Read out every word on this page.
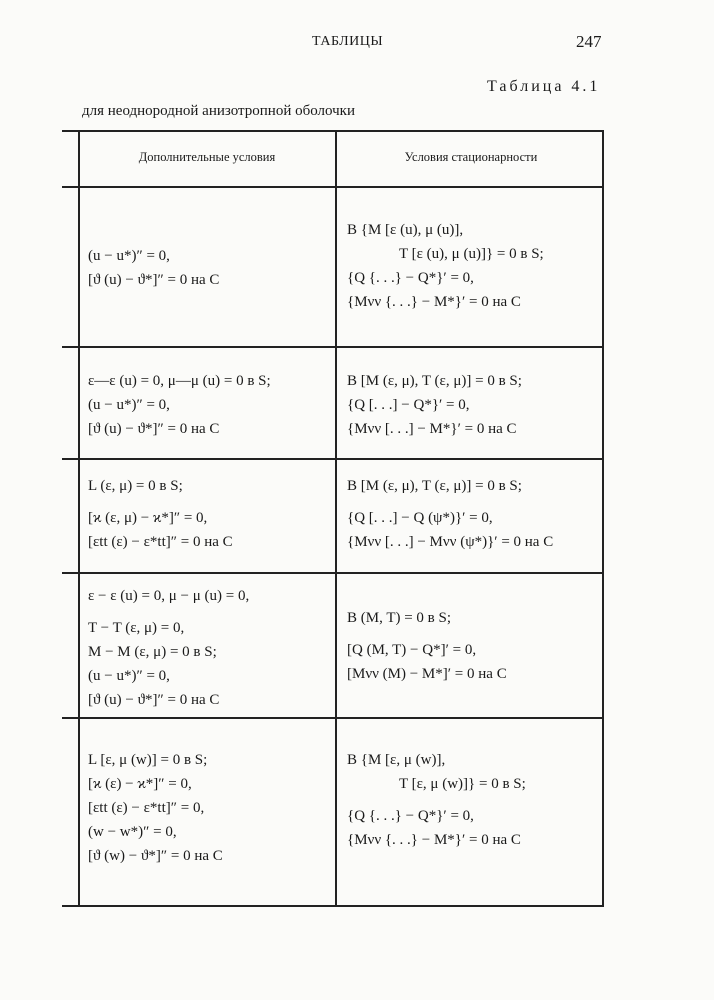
ТАБЛИЦЫ	247
Таблица 4.1
для неоднородной анизотропной оболочки
Дополнительные условия	Условия стационарности
(u − u*)″ = 0,
[ϑ (u) − ϑ*]″ = 0 на C
B {M [ε (u), μ (u)],
T [ε (u), μ (u)]} = 0 в S;
{Q {. . .} − Q*}′ = 0,
{Mνν {. . .} − M*}′ = 0 на C
ε—ε (u) = 0, μ—μ (u) = 0 в S;
(u − u*)″ = 0,
[ϑ (u) − ϑ*]″ = 0 на C
B [M (ε, μ), T (ε, μ)] = 0 в S;
{Q [. . .] − Q*}′ = 0,
{Mνν [. . .] − M*}′ = 0 на C
L (ε, μ) = 0 в S;
[ϰ (ε, μ) − ϰ*]″ = 0,
[εtt (ε) − ε*tt]″ = 0 на C
B [M (ε, μ), T (ε, μ)] = 0 в S;
{Q [. . .] − Q (ψ*)}′ = 0,
{Mνν [. . .] − Mνν (ψ*)}′ = 0 на C
ε − ε (u) = 0, μ − μ (u) = 0,
T − T (ε, μ) = 0,
M − M (ε, μ) = 0 в S;
(u − u*)″ = 0,
[ϑ (u) − ϑ*]″ = 0 на C
B (M, T) = 0 в S;
[Q (M, T) − Q*]′ = 0,
[Mνν (M) − M*]′ = 0 на C
L [ε, μ (w)] = 0 в S;
[ϰ (ε) − ϰ*]″ = 0,
[εtt (ε) − ε*tt]″ = 0,
(w − w*)″ = 0,
[ϑ (w) − ϑ*]″ = 0 на C
B {M [ε, μ (w)],
T [ε, μ (w)]} = 0 в S;
{Q {. . .} − Q*}′ = 0,
{Mνν {. . .} − M*}′ = 0 на C
